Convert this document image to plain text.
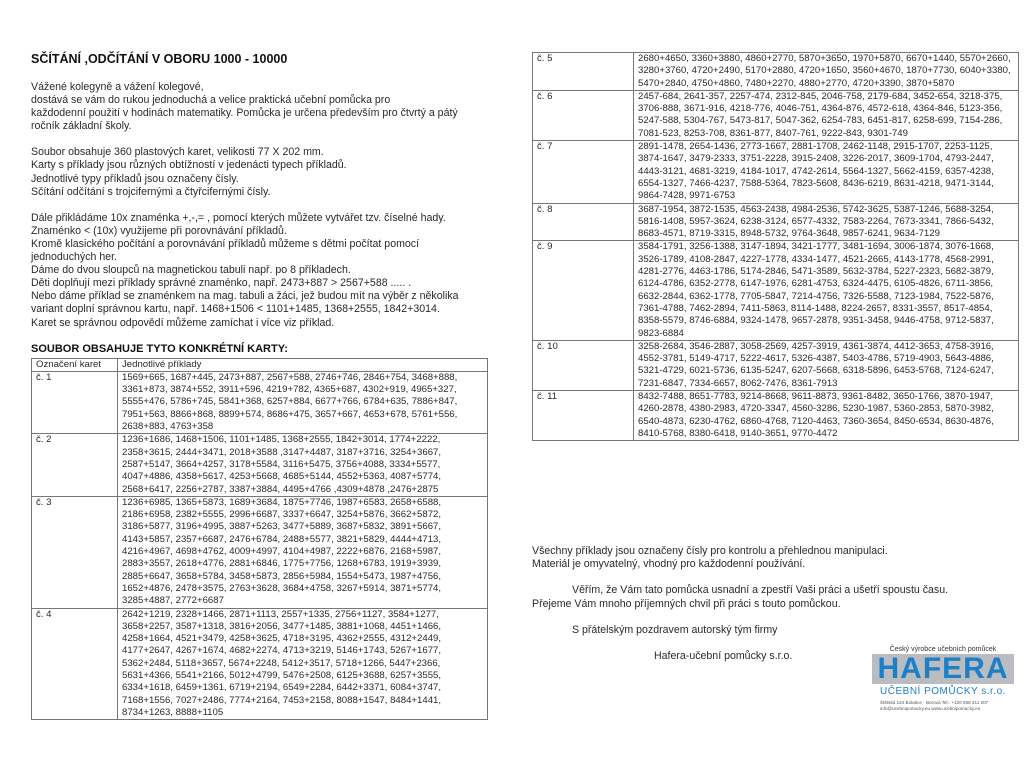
SČÍTÁNÍ ,ODČÍTÁNÍ V OBORU 1000 - 10000
Vážené kolegyně a vážení kolegové,
dostává se vám do rukou jednoduchá a velice praktická učební pomůcka pro
každodenní použití v hodinách matematiky. Pomůcka je určena především pro čtvrtý a pátý
ročník základní školy.
Soubor obsahuje 360 plastových karet, velikosti 77 X 202 mm.
Karty s příklady jsou různých obtížností v jedenácti typech příkladů.
Jednotlivé typy příkladů jsou označeny čísly.
Sčítání odčítání s trojcifernými a čtyřcifernými čísly.
Dále přikládáme 10x znaménka +,-,= , pomocí kterých můžete vytvářet tzv. číselné hady.
Znaménko < (10x) využijeme při porovnávání příkladů.
Kromě klasického počítání a porovnávání příkladů můžeme s dětmi počítat pomocí
jednoduchých her.
Dáme do dvou sloupců na magnetickou tabuli např. po 8 příkladech.
Děti doplňují mezi příklady správné znaménko, např. 2473+887 > 2567+588 ..... .
Nebo dáme příklad se znaménkem na mag. tabuli a žáci, jež budou mít na výběr z několika
variant doplní správnou kartu, např. 1468+1506 < 1101+1485, 1368+2555, 1842+3014.
Karet se správnou odpovědí můžeme zamíchat i více viz příklad.
SOUBOR OBSAHUJE TYTO KONKRÉTNÍ KARTY:
Označení karet	Jednotlivé příklady
č. 1	1569+665, 1687+445, 2473+887, 2567+588, 2746+746, 2846+754, 3468+888, 3361+873, 3874+552, 3911+596, 4219+782, 4365+687, 4302+919, 4965+327, 5555+476, 5786+745, 5841+368, 6257+884, 6677+766, 6784+635, 7886+847, 7951+563, 8866+868, 8899+574, 8686+475, 3657+667, 4653+678, 5761+556, 2638+883, 4763+358
č. 2	1236+1686, 1468+1506, 1101+1485, 1368+2555, 1842+3014, 1774+2222, 2358+3615, 2444+3471, 2018+3588 ,3147+4487, 3187+3716, 3254+3667, 2587+5147, 3664+4257, 3178+5584, 3116+5475, 3756+4088, 3334+5577, 4047+4886, 4358+5617, 4253+5668, 4685+5144, 4552+5363, 4087+5774, 2568+6417, 2256+2787, 3387+3884, 4495+4766 ,4309+4878 ,2476+2875
č. 3	1236+6985, 1365+5873, 1689+3684, 1875+7746, 1987+6583, 2658+6588, 2186+6958, 2382+5555, 2996+6687, 3337+6647, 3254+5876, 3662+5872, 3186+5877, 3196+4995, 3887+5263, 3477+5889, 3687+5832, 3891+5667, 4143+5857, 2357+6687, 2476+6784, 2488+5577, 3821+5829, 4444+4713, 4216+4967, 4698+4762, 4009+4997, 4104+4987, 2222+6876, 2168+5987, 2883+3557, 2618+4776, 2881+6846, 1775+7756, 1268+6783, 1919+3939, 2885+6647, 3658+5784, 3458+5873, 2856+5984, 1554+5473, 1987+4756, 1652+4876, 2478+3575, 2763+3628, 3684+4758, 3267+5914, 3871+5774, 3285+4887, 2772+6687
č. 4	2642+1219, 2328+1466, 2871+1113, 2557+1335, 2756+1127, 3584+1277, 3658+2257, 3587+1318, 3816+2056, 3477+1485, 3881+1068, 4451+1466, 4258+1664, 4521+3479, 4258+3625, 4718+3195, 4362+2555, 4312+2449, 4177+2647, 4267+1674, 4682+2274, 4713+3219, 5146+1743, 5267+1677, 5362+2484, 5118+3657, 5674+2248, 5412+3517, 5718+1266, 5447+2366, 5631+4366, 5541+2166, 5012+4799, 5476+2508, 6125+3688, 6257+3555, 6334+1618, 6459+1361, 6719+2194, 6549+2284, 6442+3371, 6084+3747, 7168+1556, 7027+2486, 7774+2164, 7453+2158, 8088+1547, 8484+1441, 8734+1263, 8888+1105
č. 5	2680+4650, 3360+3880, 4860+2770, 5870+3650, 1970+5870, 6670+1440, 5570+2660, 3280+3760, 4720+2490, 5170+2880, 4720+1650, 3560+4670, 1870+7730, 6040+3380, 5470+2840, 4750+4860, 7480+2270, 4880+2770, 4720+3390, 3870+5870
č. 6	2457-684, 2641-357, 2257-474, 2312-845, 2046-758, 2179-684, 3452-654, 3218-375, 3706-888, 3671-916, 4218-776, 4046-751, 4364-876, 4572-618, 4364-846, 5123-356, 5247-588, 5304-767, 5473-817, 5047-362, 6254-783, 6451-817, 6258-699, 7154-286, 7081-523, 8253-708, 8361-877, 8407-761, 9222-843, 9301-749
č. 7	2891-1478, 2654-1436, 2773-1667, 2881-1708, 2462-1148, 2915-1707, 2253-1125, 3874-1647, 3479-2333, 3751-2228, 3915-2408, 3226-2017, 3609-1704, 4793-2447, 4443-3121, 4681-3219, 4184-1017, 4742-2614, 5564-1327, 5662-4159, 6357-4238, 6554-1327, 7466-4237, 7588-5364, 7823-5608, 8436-6219, 8631-4218, 9471-3144, 9864-7428, 9971-6753
č. 8	3687-1954, 3872-1535, 4563-2438, 4984-2536, 5742-3625, 5387-1246, 5688-3254, 5816-1408, 5957-3624, 6238-3124, 6577-4332, 7583-2264, 7673-3341, 7866-5432, 8683-4571, 8719-3315, 8948-5732, 9764-3648, 9857-6241, 9634-7129
č. 9	3584-1791, 3256-1388, 3147-1894, 3421-1777, 3481-1694, 3006-1874, 3076-1668, 3526-1789, 4108-2847, 4227-1778, 4334-1477, 4521-2665, 4143-1778, 4568-2991, 4281-2776, 4463-1786, 5174-2846, 5471-3589, 5632-3784, 5227-2323, 5682-3879, 6124-4786, 6352-2778, 6147-1976, 6281-4753, 6324-4475, 6105-4826, 6711-3856, 6632-2844, 6362-1778, 7705-5847, 7214-4756, 7326-5588, 7123-1984, 7522-5876, 7361-4788, 7462-2894, 7411-5863, 8114-1488, 8224-2657, 8331-3557, 8517-4854, 8358-5579, 8746-6884, 9324-1478, 9657-2878, 9351-3458, 9446-4758, 9712-5837, 9823-6884
č. 10	3258-2684, 3546-2887, 3058-2569, 4257-3919, 4361-3874, 4412-3653, 4758-3916, 4552-3781, 5149-4717, 5222-4617, 5326-4387, 5403-4786, 5719-4903, 5643-4886, 5321-4729, 6021-5736, 6135-5247, 6207-5668, 6318-5896, 6453-5768, 7124-6247, 7231-6847, 7334-6657, 8062-7476, 8361-7913
č. 11	8432-7488, 8651-7783, 9214-8668, 9611-8873, 9361-8482, 3650-1766, 3870-1947, 4260-2878, 4380-2983, 4720-3347, 4560-3286, 5230-1987, 5360-2853, 5870-3982, 6540-4873, 6230-4762, 6860-4768, 7120-4463, 7360-3654, 8450-6534, 8630-4876, 8410-5768, 8380-6418, 9140-3651, 9770-4472
Všechny příklady jsou označeny čísly pro kontrolu a přehlednou manipulaci.
Materiál je omyvatelný, vhodný pro každodenní používání.
Věřím, že Vám tato pomůcka usnadní a zpestří Vaši práci a ušetří spoustu času.
Přejeme Vám mnoho příjemných chvil při práci s touto pomůckou.
S přátelským pozdravem autorský tým firmy
Hafera-učební pomůcky s.r.o.
Český výrobce učebních pomůcek
HAFERA
UČEBNÍ POMŮCKY s.r.o.
Štětská 124 Bolatice · Borová Tel.: +420 608 411 207
info@ucebnipomucky.eu www.ucebnipomucky.eu
